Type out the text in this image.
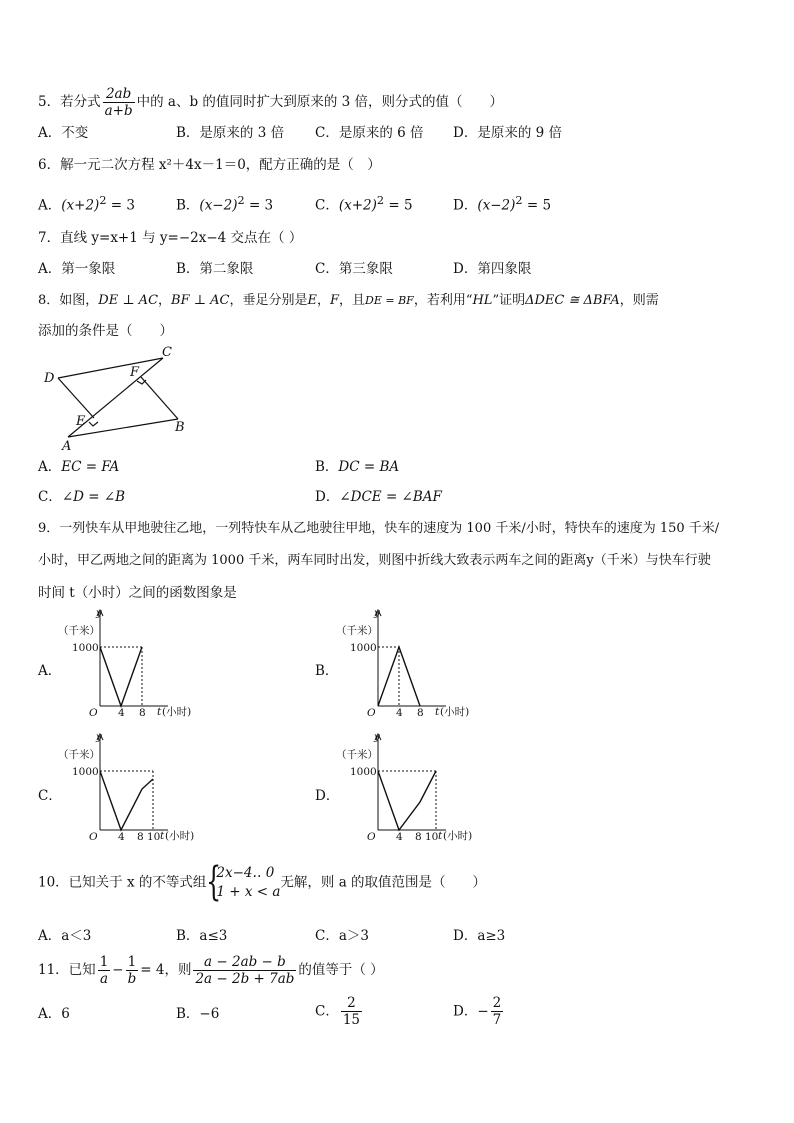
5．若分式 $\frac{2ab}{a+b}$ 中的 a、b 的值同时扩大到原来的 3 倍，则分式的值（　　）
A．不变	B．是原来的 3 倍 C．是原来的 6 倍 D．是原来的 9 倍
6．解一元二次方程 x²＋4x－1＝0，配方正确的是（　）
A．$(x+2)^2 = 3$	B．$(x-2)^2 = 3$	C．$(x+2)^2 = 5$	D．$(x-2)^2 = 5$
7．直线 y=x+1 与 y=−2x−4 交点在（ ）
A．第一象限	B．第二象限	C．第三象限	D．第四象限
8．如图，DE ⊥ AC，BF ⊥ AC，垂足分别是E，F，且DE = BF，若利用“HL”证明ΔDEC ≅ ΔBFA，则需
添加的条件是（　　）
D
C
F
E
A
B
A．EC = FA	B．DC = BA
C．∠D = ∠B	D．∠DCE = ∠BAF
9．一列快车从甲地驶往乙地，一列特快车从乙地驶往甲地，快车的速度为 100 千米/小时，特快车的速度为 150 千米/
小时，甲乙两地之间的距离为 1000 千米，两车同时出发，则图中折线大致表示两车之间的距离y（千米）与快车行驶
时间 t（小时）之间的函数图象是
A．	B．
C．	D．
y
（千米）
1000
O 4 8 t (小时)
y
（千米）
1000
O 4 8 t (小时)
y
（千米）
1000
O 4 8 10 t (小时)
y
（千米）
1000
O 4 8 10 t (小时)
10．已知关于 x 的不等式组 {
2x−4‥ 0
1 + x < a
无解，则 a 的取值范围是（　　）
A．a＜3	B．a≤3	C．a＞3	D．a≥3
11．已知 $\frac{1}{a} - \frac{1}{b} = 4$，则 $\frac{a - 2ab - b}{2a - 2b + 7ab}$ 的值等于（ ）
A．6	B．−6	C． $\frac{2}{15}$	D．− $\frac{2}{7}$
